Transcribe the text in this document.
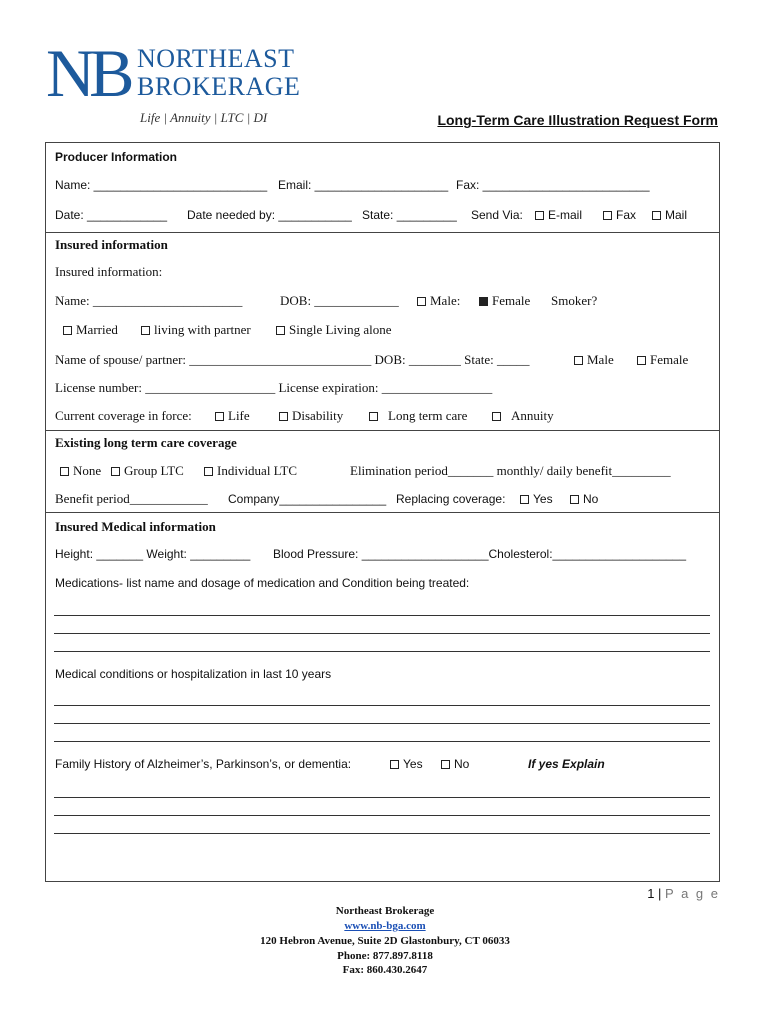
NB NORTHEAST
BROKERAGE
Life | Annuity | LTC | DI	Long-Term Care Illustration Request Form
Producer Information
Name: __________________________ Email: ____________________ Fax: _________________________
Date: ____________ Date needed by: ___________ State: _________ Send Via:	E-mail	Fax	Mail
Insured information
Insured information:
Name: _______________________	DOB: _____________	Male:	Female Smoker?
Married	living with partner	Single Living alone
Name of spouse/ partner: ____________________________ DOB: ________ State: _____	Male	Female
License number: ____________________ License expiration: _________________
Current coverage in force:	Life	Disability	Long term care	Annuity
Existing long term care coverage
None	Group LTC	Individual LTC	Elimination period_______ monthly/ daily benefit_________
Benefit period____________ Company________________ Replacing coverage:	Yes	No
Insured Medical information
Height: _______ Weight: _________ Blood Pressure: ___________________Cholesterol:____________________
Medications- list name and dosage of medication and Condition being treated:
Medical conditions or hospitalization in last 10 years
Family History of Alzheimer’s, Parkinson’s, or dementia:	Yes	No	If yes Explain
1 | P a g e
Northeast Brokerage
www.nb-bga.com
120 Hebron Avenue, Suite 2D Glastonbury, CT 06033
Phone: 877.897.8118
Fax: 860.430.2647
